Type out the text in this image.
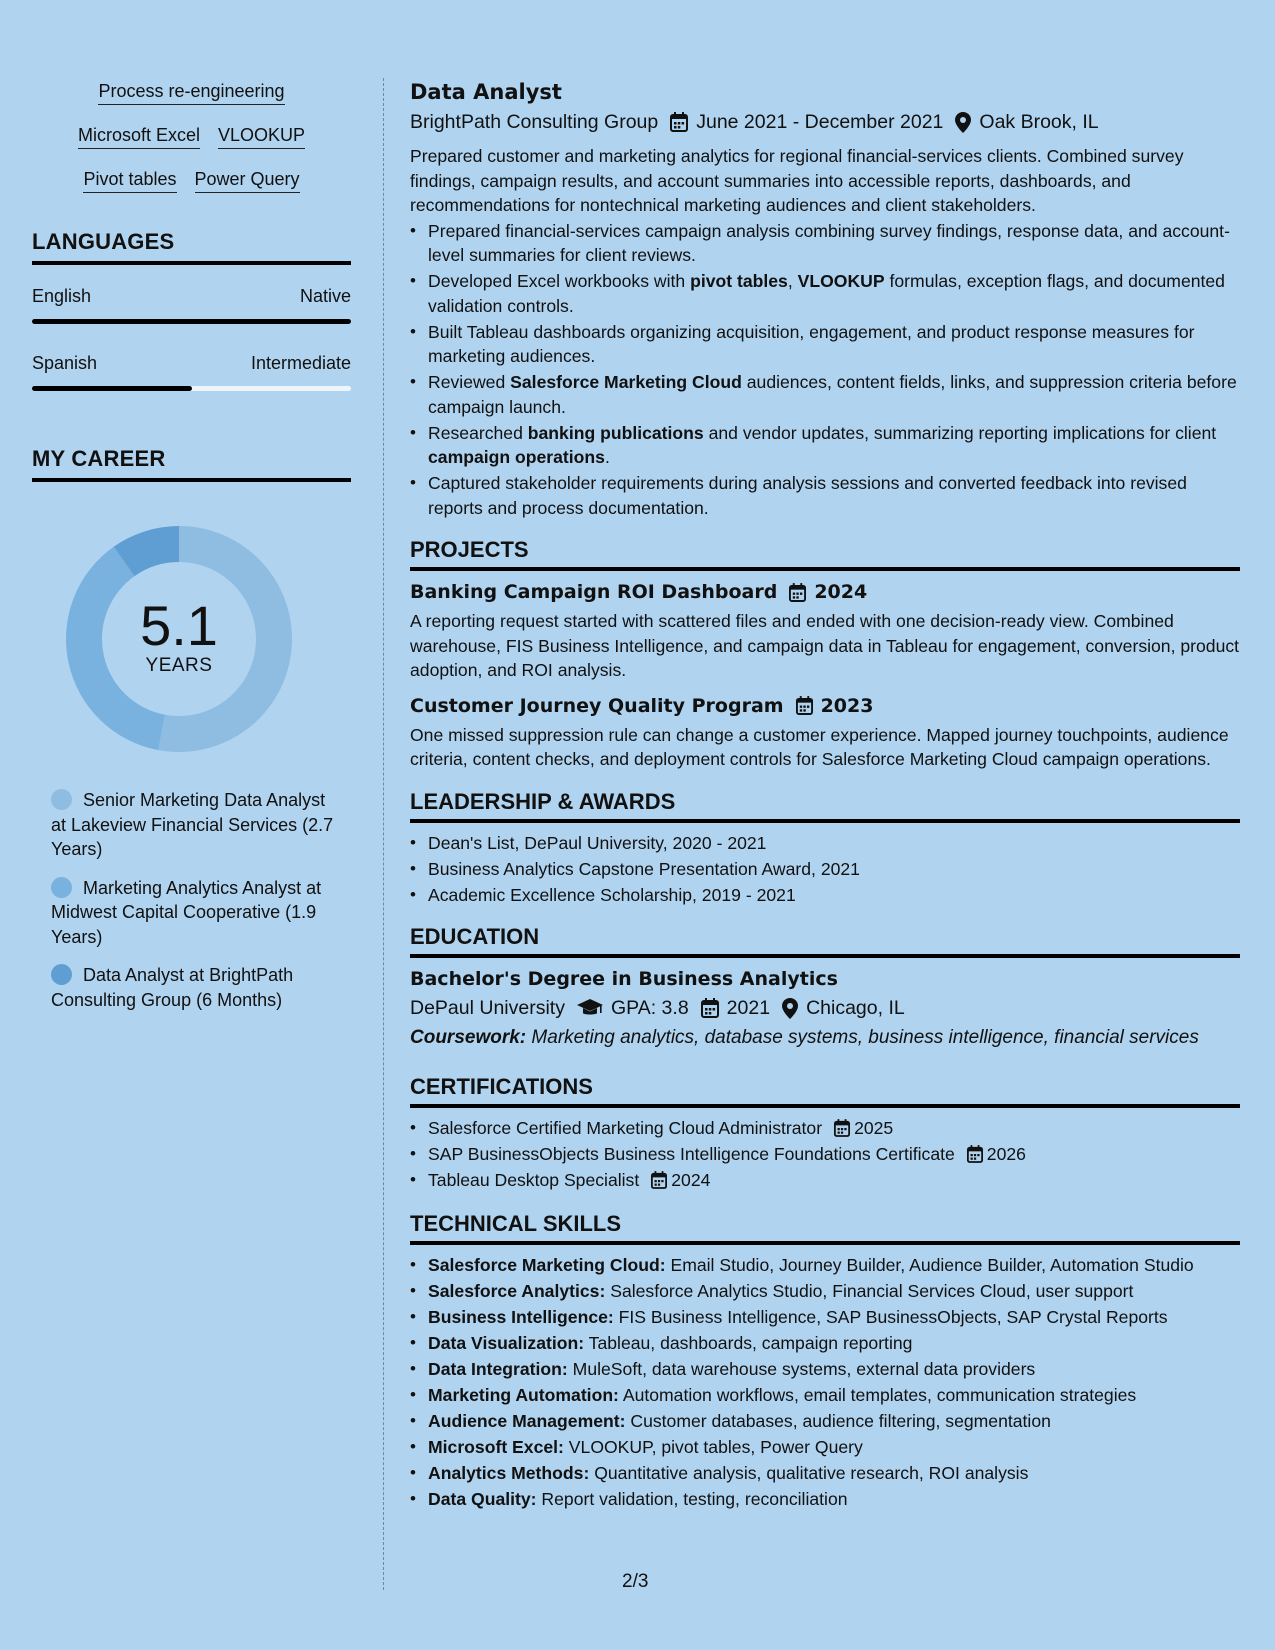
Process re-engineering
Microsoft Excel VLOOKUP
Pivot tables Power Query
LANGUAGES
English	Native
Spanish	Intermediate
MY CAREER
5.1
YEARS
Senior Marketing Data Analyst at Lakeview Financial Services (2.7 Years)
Marketing Analytics Analyst at Midwest Capital Cooperative (1.9 Years)
Data Analyst at BrightPath Consulting Group (6 Months)
Data Analyst
BrightPath Consulting Group June 2021 - December 2021 Oak Brook, IL
Prepared customer and marketing analytics for regional financial-services clients. Combined survey findings, campaign results, and account summaries into accessible reports, dashboards, and recommendations for nontechnical marketing audiences and client stakeholders.
• Prepared financial-services campaign analysis combining survey findings, response data, and account-level summaries for client reviews.
• Developed Excel workbooks with pivot tables, VLOOKUP formulas, exception flags, and documented validation controls.
• Built Tableau dashboards organizing acquisition, engagement, and product response measures for marketing audiences.
• Reviewed Salesforce Marketing Cloud audiences, content fields, links, and suppression criteria before campaign launch.
• Researched banking publications and vendor updates, summarizing reporting implications for client campaign operations.
• Captured stakeholder requirements during analysis sessions and converted feedback into revised reports and process documentation.
PROJECTS
Banking Campaign ROI Dashboard 2024
A reporting request started with scattered files and ended with one decision-ready view. Combined warehouse, FIS Business Intelligence, and campaign data in Tableau for engagement, conversion, product adoption, and ROI analysis.
Customer Journey Quality Program 2023
One missed suppression rule can change a customer experience. Mapped journey touchpoints, audience criteria, content checks, and deployment controls for Salesforce Marketing Cloud campaign operations.
LEADERSHIP & AWARDS
• Dean's List, DePaul University, 2020 - 2021
• Business Analytics Capstone Presentation Award, 2021
• Academic Excellence Scholarship, 2019 - 2021
EDUCATION
Bachelor's Degree in Business Analytics
DePaul University GPA: 3.8 2021 Chicago, IL
Coursework: Marketing analytics, database systems, business intelligence, financial services
CERTIFICATIONS
• Salesforce Certified Marketing Cloud Administrator 2025
• SAP BusinessObjects Business Intelligence Foundations Certificate 2026
• Tableau Desktop Specialist 2024
TECHNICAL SKILLS
• Salesforce Marketing Cloud: Email Studio, Journey Builder, Audience Builder, Automation Studio
• Salesforce Analytics: Salesforce Analytics Studio, Financial Services Cloud, user support
• Business Intelligence: FIS Business Intelligence, SAP BusinessObjects, SAP Crystal Reports
• Data Visualization: Tableau, dashboards, campaign reporting
• Data Integration: MuleSoft, data warehouse systems, external data providers
• Marketing Automation: Automation workflows, email templates, communication strategies
• Audience Management: Customer databases, audience filtering, segmentation
• Microsoft Excel: VLOOKUP, pivot tables, Power Query
• Analytics Methods: Quantitative analysis, qualitative research, ROI analysis
• Data Quality: Report validation, testing, reconciliation
2/3
